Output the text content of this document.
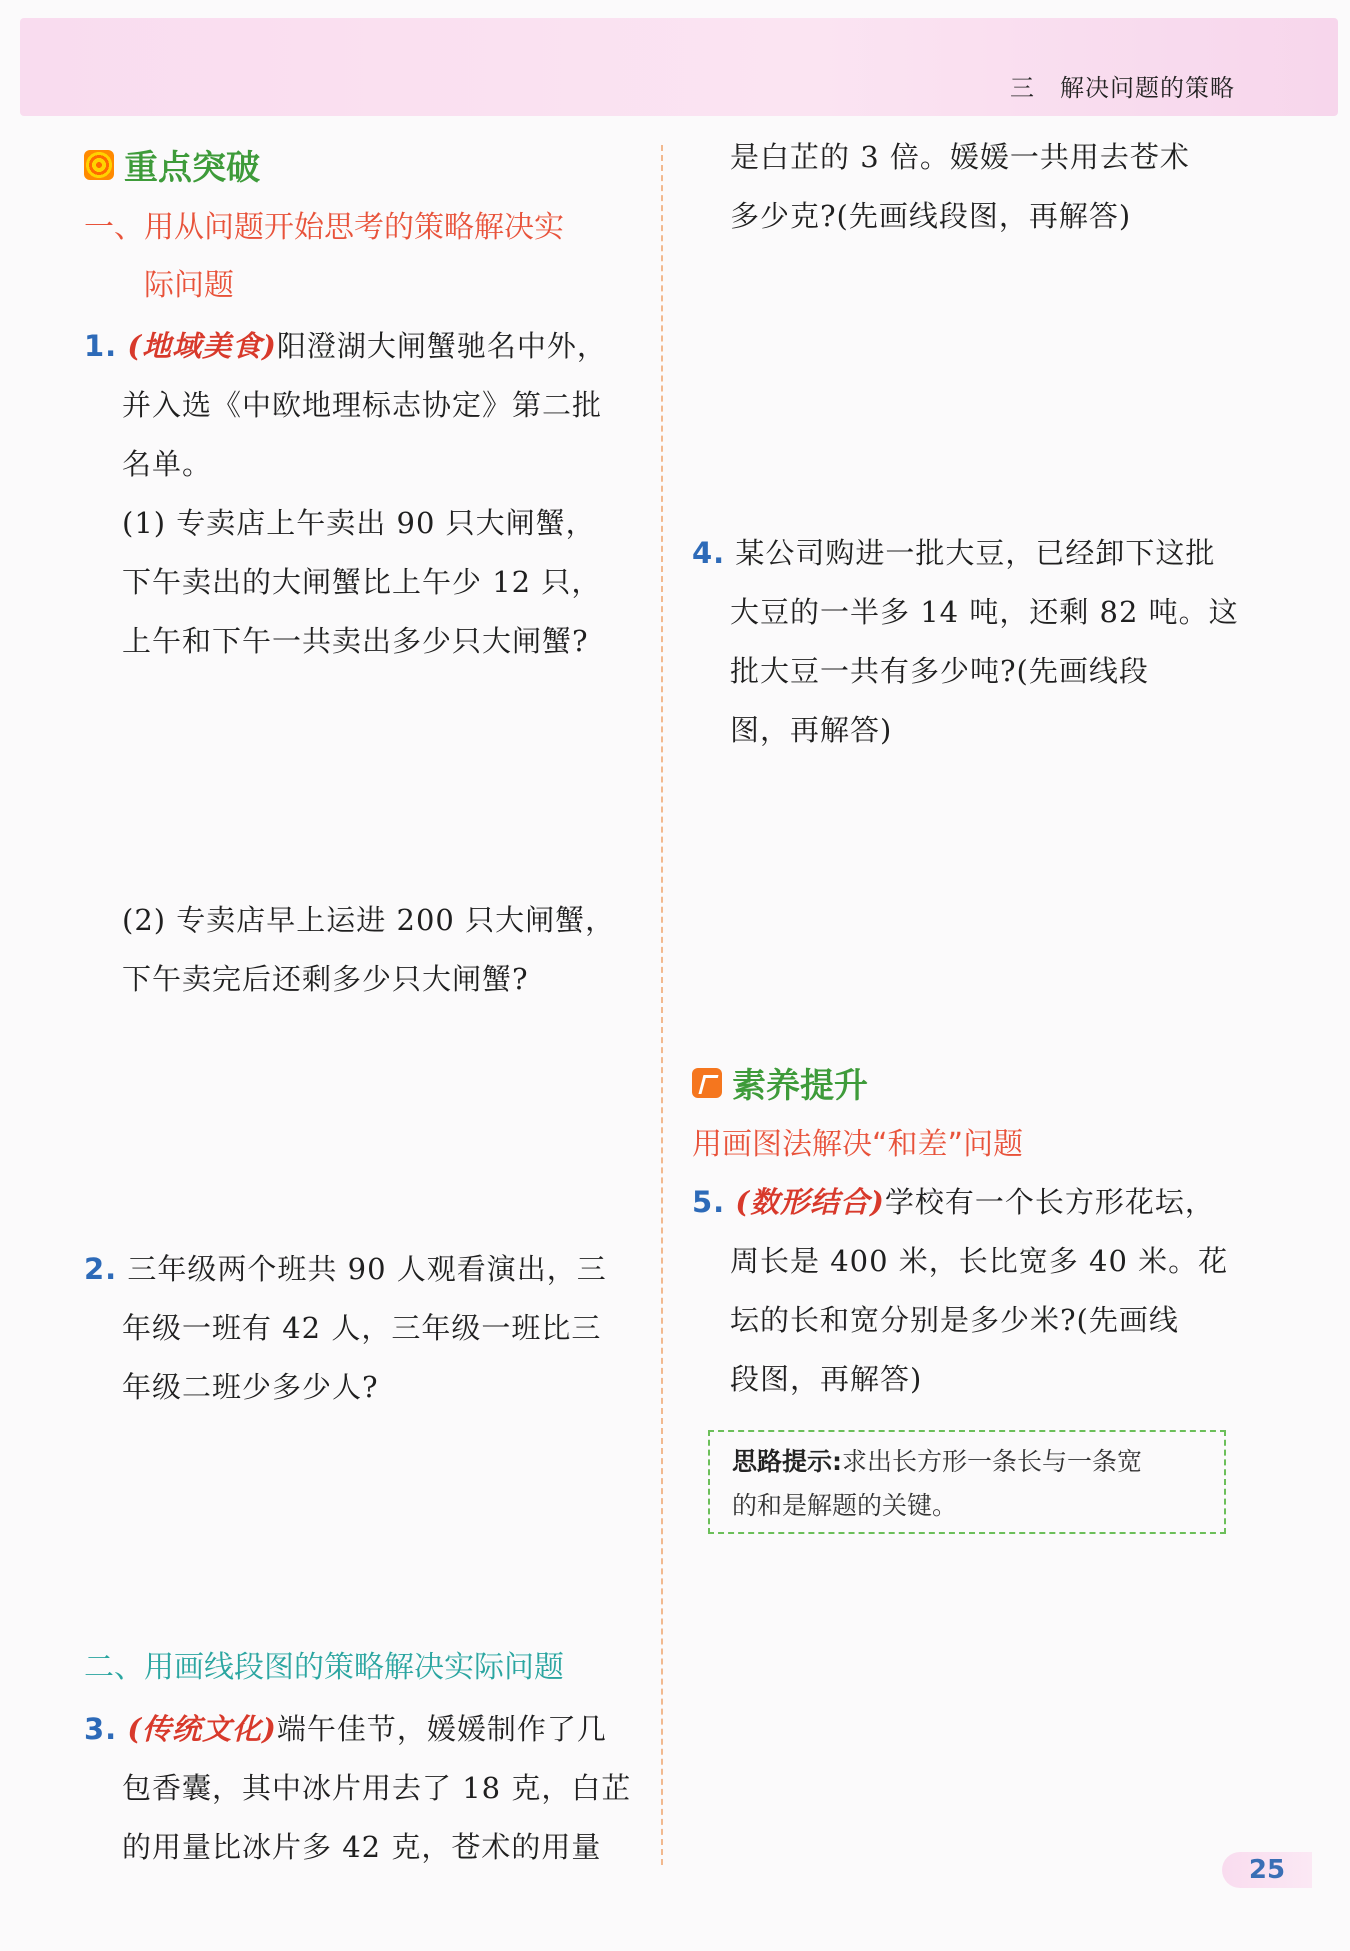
三　解决问题的策略
重点突破
一、用从问题开始思考的策略解决实
际问题
1. (地域美食)阳澄湖大闸蟹驰名中外，
并入选《中欧地理标志协定》第二批
名单。
(1) 专卖店上午卖出 90 只大闸蟹，
下午卖出的大闸蟹比上午少 12 只，
上午和下午一共卖出多少只大闸蟹?
(2) 专卖店早上运进 200 只大闸蟹，
下午卖完后还剩多少只大闸蟹?
2. 三年级两个班共 90 人观看演出，三
年级一班有 42 人，三年级一班比三
年级二班少多少人?
二、用画线段图的策略解决实际问题
3. (传统文化)端午佳节，媛媛制作了几
包香囊，其中冰片用去了 18 克，白芷
的用量比冰片多 42 克，苍术的用量
是白芷的 3 倍。媛媛一共用去苍术
多少克?(先画线段图，再解答)
4. 某公司购进一批大豆，已经卸下这批
大豆的一半多 14 吨，还剩 82 吨。这
批大豆一共有多少吨?(先画线段
图，再解答)
素养提升
用画图法解决“和差”问题
5. (数形结合)学校有一个长方形花坛，
周长是 400 米，长比宽多 40 米。花
坛的长和宽分别是多少米?(先画线
段图，再解答)
思路提示:求出长方形一条长与一条宽
的和是解题的关键。
25
